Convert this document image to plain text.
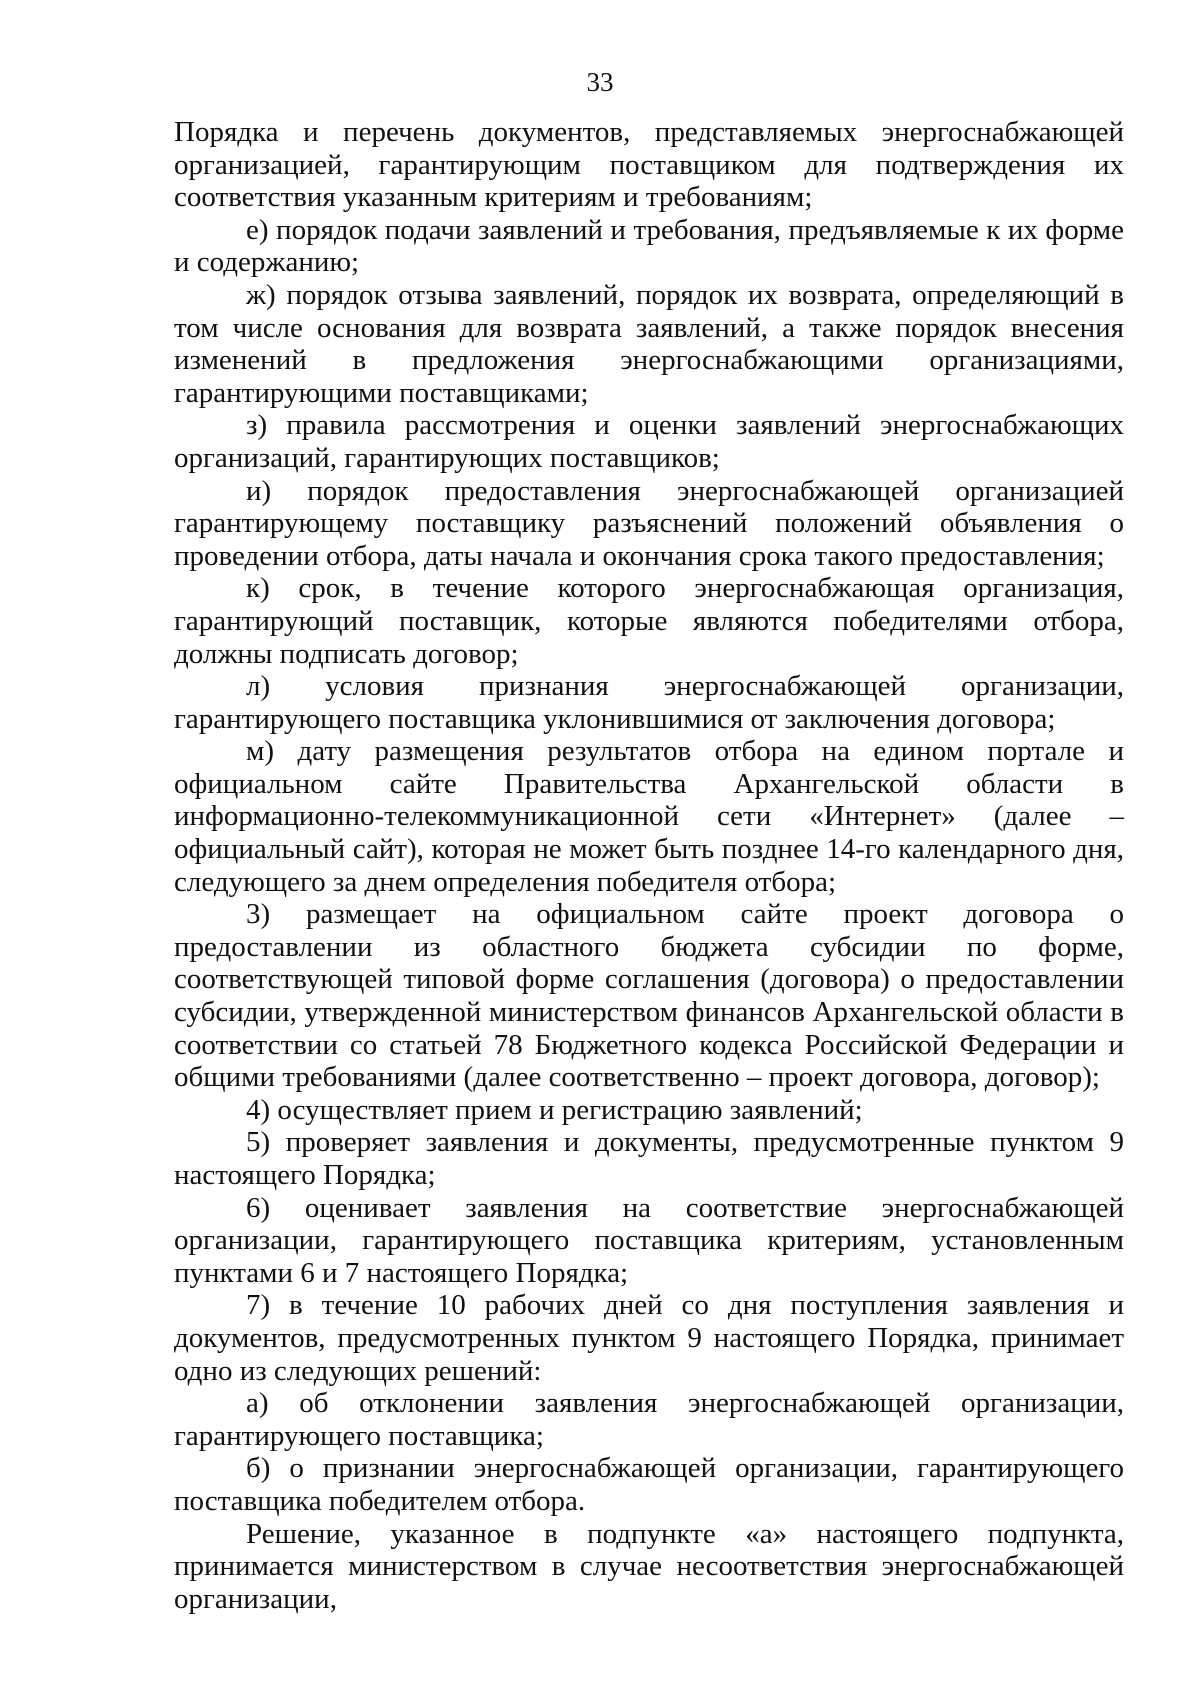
33

Порядка и перечень документов, представляемых энергоснабжающей организацией, гарантирующим поставщиком для подтверждения их соответствия указанным критериям и требованиям;

е) порядок подачи заявлений и требования, предъявляемые к их форме и содержанию;

ж) порядок отзыва заявлений, порядок их возврата, определяющий в том числе основания для возврата заявлений, а также порядок внесения изменений в предложения энергоснабжающими организациями, гарантирующими поставщиками;

з) правила рассмотрения и оценки заявлений энергоснабжающих организаций, гарантирующих поставщиков;

и) порядок предоставления энергоснабжающей организацией гарантирующему поставщику разъяснений положений объявления о проведении отбора, даты начала и окончания срока такого предоставления;

к) срок, в течение которого энергоснабжающая организация, гарантирующий поставщик, которые являются победителями отбора, должны подписать договор;

л) условия признания энергоснабжающей организации, гарантирующего поставщика уклонившимися от заключения договора;

м) дату размещения результатов отбора на едином портале и официальном сайте Правительства Архангельской области в информационно-телекоммуникационной сети «Интернет» (далее – официальный сайт), которая не может быть позднее 14-го календарного дня, следующего за днем определения победителя отбора;

3) размещает на официальном сайте проект договора о предоставлении из областного бюджета субсидии по форме, соответствующей типовой форме соглашения (договора) о предоставлении субсидии, утвержденной министерством финансов Архангельской области в соответствии со статьей 78 Бюджетного кодекса Российской Федерации и общими требованиями (далее соответственно – проект договора, договор);

4) осуществляет прием и регистрацию заявлений;

5) проверяет заявления и документы, предусмотренные пунктом 9 настоящего Порядка;

6) оценивает заявления на соответствие энергоснабжающей организации, гарантирующего поставщика критериям, установленным пунктами 6 и 7 настоящего Порядка;

7) в течение 10 рабочих дней со дня поступления заявления и документов, предусмотренных пунктом 9 настоящего Порядка, принимает одно из следующих решений:

а) об отклонении заявления энергоснабжающей организации, гарантирующего поставщика;

б) о признании энергоснабжающей организации, гарантирующего поставщика победителем отбора.

Решение, указанное в подпункте «а» настоящего подпункта, принимается министерством в случае несоответствия энергоснабжающей организации,
